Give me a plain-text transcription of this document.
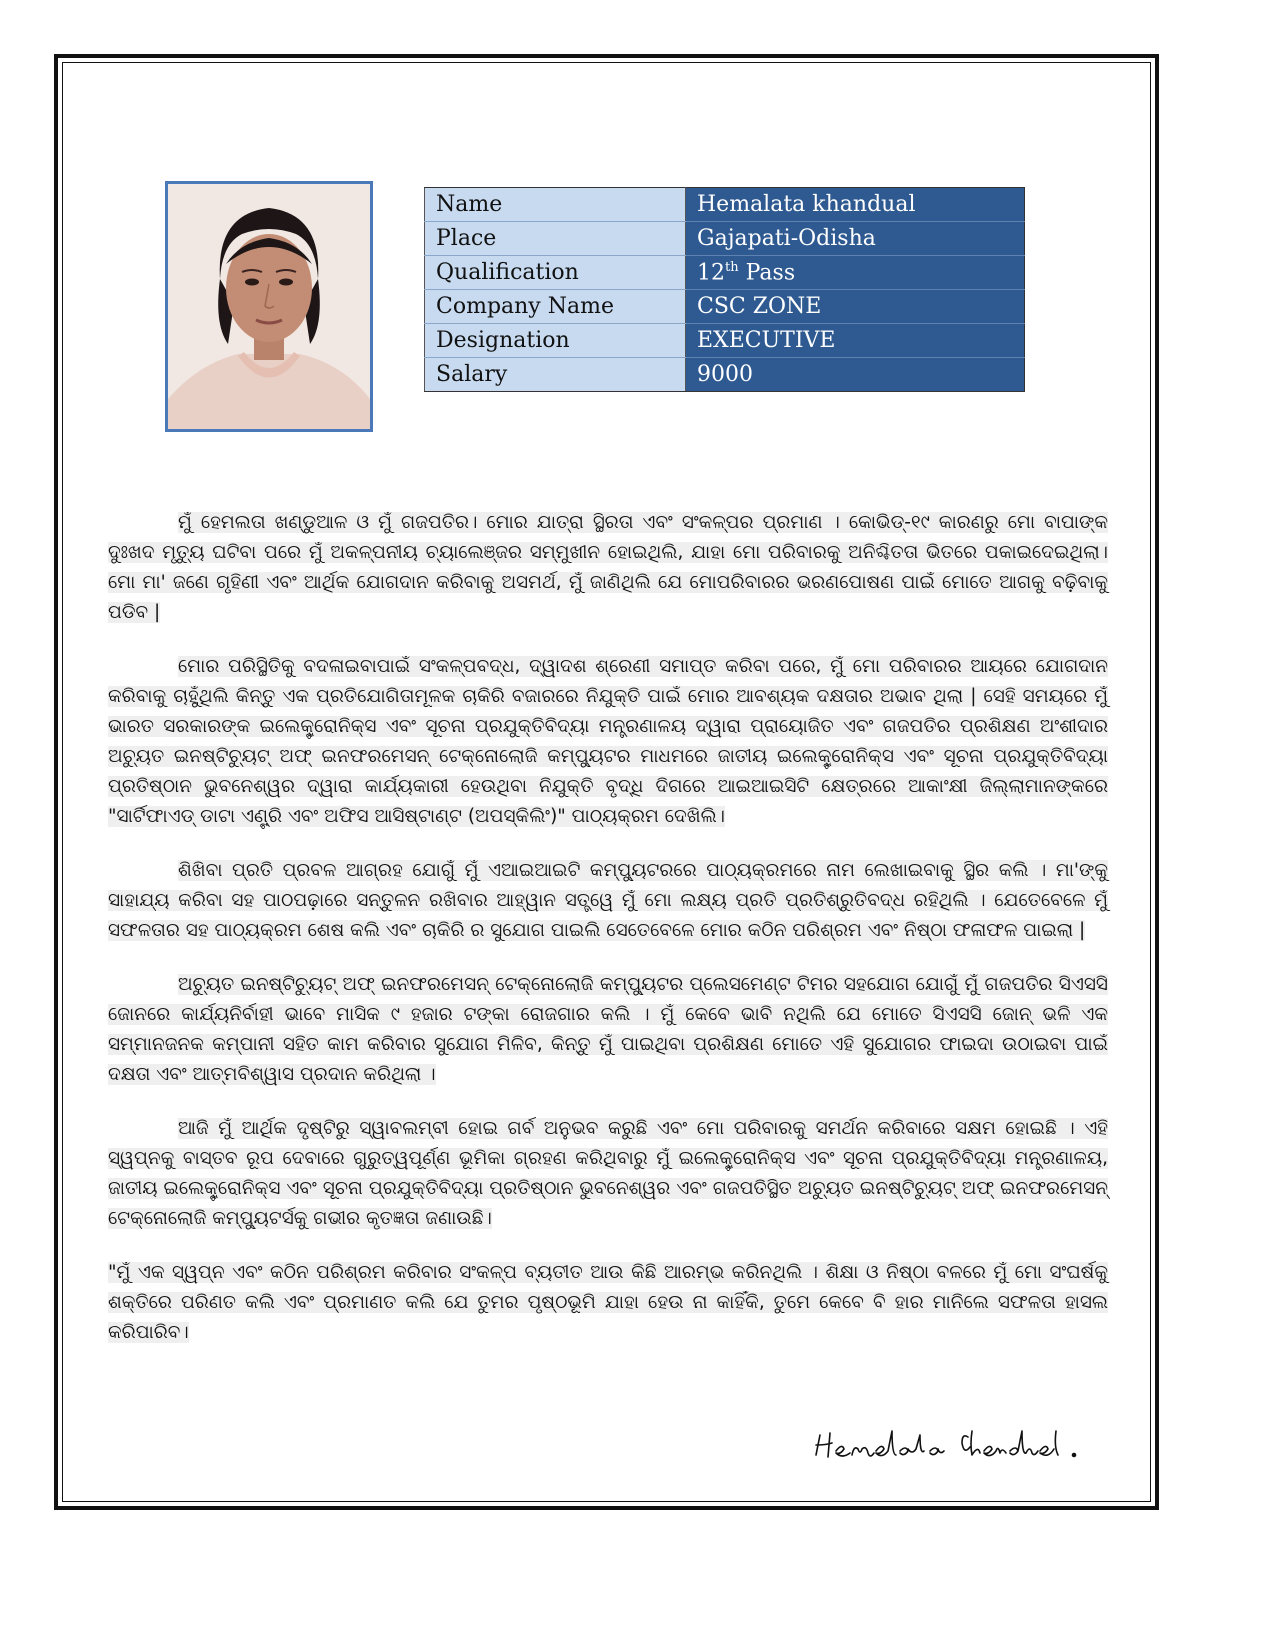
Name	Hemalata khandual
Place	Gajapati-Odisha
Qualification	12th Pass
Company Name	CSC ZONE
Designation	EXECUTIVE
Salary	9000

ମୁଁ ହେମଲତା ଖଣ୍ଡୁଆଳ ଓ ମୁଁ ଗଜପତିର। ମୋର ଯାତ୍ରା ସ୍ଥିରତା ଏବଂ ସଂକଳ୍ପର ପ୍ରମାଣ । କୋଭିଡ୍-୧୯ କାରଣରୁ ମୋ ବାପାଙ୍କ ଦୁଃଖଦ ମୃତ୍ୟୁ ଘଟିବା ପରେ ମୁଁ ଅକଳ୍ପନୀୟ ଚ୍ୟାଲେଞ୍ଜର ସମ୍ମୁଖୀନ ହୋଇଥିଲି, ଯାହା ମୋ ପରିବାରକୁ ଅନିଶ୍ଚିତତା ଭିତରେ ପକାଇଦେଇଥିଲା। ମୋ ମା' ଜଣେ ଗୃହିଣୀ ଏବଂ ଆର୍ଥିକ ଯୋଗଦାନ କରିବାକୁ ଅସମର୍ଥ, ମୁଁ ଜାଣିଥିଲି ଯେ ମୋପରିବାରର ଭରଣପୋଷଣ ପାଇଁ ମୋତେ ଆଗକୁ ବଢ଼ିବାକୁ ପଡିବ |

ମୋର ପରିସ୍ଥିତିକୁ ବଦଳାଇବାପାଇଁ ସଂକଳ୍ପବଦ୍ଧ, ଦ୍ୱାଦଶ ଶ୍ରେଣୀ ସମାପ୍ତ କରିବା ପରେ, ମୁଁ ମୋ ପରିବାରର ଆୟରେ ଯୋଗଦାନ କରିବାକୁ ଚାହୁଁଥିଲି କିନ୍ତୁ ଏକ ପ୍ରତିଯୋଗିତାମୂଳକ ଚାକିରି ବଜାରରେ ନିଯୁକ୍ତି ପାଇଁ ମୋର ଆବଶ୍ୟକ ଦକ୍ଷତାର ଅଭାବ ଥିଲା | ସେହି ସମୟରେ ମୁଁ ଭାରତ ସରକାରଙ୍କ ଇଲେକ୍ଟ୍ରୋନିକ୍ସ ଏବଂ ସୂଚନା ପ୍ରଯୁକ୍ତିବିଦ୍ୟା ମନ୍ତ୍ରଣାଳୟ ଦ୍ୱାରା ପ୍ରାୟୋଜିତ ଏବଂ ଗଜପତିର ପ୍ରଶିକ୍ଷଣ ଅଂଶୀଦାର ଅଚ୍ୟୁତ ଇନଷ୍ଟିଚ୍ୟୁଟ୍ ଅଫ୍ ଇନଫରମେସନ୍ ଟେକ୍ନୋଲୋଜି କମ୍ପ୍ୟୁଟର ମାଧମରେ ଜାତୀୟ ଇଲେକ୍ଟ୍ରୋନିକ୍ସ ଏବଂ ସୂଚନା ପ୍ରଯୁକ୍ତିବିଦ୍ୟା ପ୍ରତିଷ୍ଠାନ ଭୁବନେଶ୍ୱର ଦ୍ୱାରା କାର୍ଯ୍ୟକାରୀ ହେଉଥିବା ନିଯୁକ୍ତି ବୃଦ୍ଧି ଦିଗରେ ଆଇଆଇସିଟି କ୍ଷେତ୍ରରେ ଆକାଂକ୍ଷୀ ଜିଲ୍ଲାମାନଙ୍କରେ "ସାର୍ଟିଫାଏଡ୍ ଡାଟା ଏଣ୍ଟ୍ରି ଏବଂ ଅଫିସ ଆସିଷ୍ଟାଣ୍ଟ (ଅପସ୍କିଲିଂ)" ପାଠ୍ୟକ୍ରମ ଦେଖିଲି।

ଶିଖିବା ପ୍ରତି ପ୍ରବଳ ଆଗ୍ରହ ଯୋଗୁଁ ମୁଁ ଏଆଇଆଇଟି କମ୍ପ୍ୟୁଟରରେ ପାଠ୍ୟକ୍ରମରେ ନାମ ଲେଖାଇବାକୁ ସ୍ଥିର କଲି । ମା'ଙ୍କୁ ସାହାଯ୍ୟ କରିବା ସହ ପାଠପଢ଼ାରେ ସନ୍ତୁଳନ ରଖିବାର ଆହ୍ୱାନ ସତ୍ତ୍ୱେ ମୁଁ ମୋ ଲକ୍ଷ୍ୟ ପ୍ରତି ପ୍ରତିଶ୍ରୁତିବଦ୍ଧ ରହିଥିଲି । ଯେତେବେଳେ ମୁଁ ସଫଳତାର ସହ ପାଠ୍ୟକ୍ରମ ଶେଷ କଲି ଏବଂ ଚାକିରି ର ସୁଯୋଗ ପାଇଲି ସେତେବେଳେ ମୋର କଠିନ ପରିଶ୍ରମ ଏବଂ ନିଷ୍ଠା ଫଳାଫଳ ପାଇଲା |

ଅଚ୍ୟୁତ ଇନଷ୍ଟିଚ୍ୟୁଟ୍ ଅଫ୍ ଇନଫରମେସନ୍ ଟେକ୍ନୋଲୋଜି କମ୍ପ୍ୟୁଟର ପ୍ଲେସମେଣ୍ଟ ଟିମର ସହଯୋଗ ଯୋଗୁଁ ମୁଁ ଗଜପତିର ସିଏସସି ଜୋନରେ କାର୍ଯ୍ୟନିର୍ବାହୀ ଭାବେ ମାସିକ ୯ ହଜାର ଟଙ୍କା ରୋଜଗାର କଲି । ମୁଁ କେବେ ଭାବି ନଥିଲି ଯେ ମୋତେ ସିଏସସି ଜୋନ୍ ଭଳି ଏକ ସମ୍ମାନଜନକ କମ୍ପାନୀ ସହିତ କାମ କରିବାର ସୁଯୋଗ ମିଳିବ, କିନ୍ତୁ ମୁଁ ପାଇଥିବା ପ୍ରଶିକ୍ଷଣ ମୋତେ ଏହି ସୁଯୋଗର ଫାଇଦା ଉଠାଇବା ପାଇଁ ଦକ୍ଷତା ଏବଂ ଆତ୍ମବିଶ୍ୱାସ ପ୍ରଦାନ କରିଥିଲା ।

ଆଜି ମୁଁ ଆର୍ଥିକ ଦୃଷ୍ଟିରୁ ସ୍ୱାବଲମ୍ବୀ ହୋଇ ଗର୍ବ ଅନୁଭବ କରୁଛି ଏବଂ ମୋ ପରିବାରକୁ ସମର୍ଥନ କରିବାରେ ସକ୍ଷମ ହୋଇଛି । ଏହି ସ୍ୱପ୍ନକୁ ବାସ୍ତବ ରୂପ ଦେବାରେ ଗୁରୁତ୍ୱପୂର୍ଣ୍ଣ ଭୂମିକା ଗ୍ରହଣ କରିଥିବାରୁ ମୁଁ ଇଲେକ୍ଟ୍ରୋନିକ୍ସ ଏବଂ ସୂଚନା ପ୍ରଯୁକ୍ତିବିଦ୍ୟା ମନ୍ତ୍ରଣାଳୟ, ଜାତୀୟ ଇଲେକ୍ଟ୍ରୋନିକ୍ସ ଏବଂ ସୂଚନା ପ୍ରଯୁକ୍ତିବିଦ୍ୟା ପ୍ରତିଷ୍ଠାନ ଭୁବନେଶ୍ୱର ଏବଂ ଗଜପତିସ୍ଥିତ ଅଚ୍ୟୁତ ଇନଷ୍ଟିଚ୍ୟୁଟ୍ ଅଫ୍ ଇନଫରମେସନ୍ ଟେକ୍ନୋଲୋଜି କମ୍ପ୍ୟୁଟର୍ସକୁ ଗଭୀର କୃତଜ୍ଞତା ଜଣାଉଛି।

"ମୁଁ ଏକ ସ୍ୱପ୍ନ ଏବଂ କଠିନ ପରିଶ୍ରମ କରିବାର ସଂକଳ୍ପ ବ୍ୟତୀତ ଆଉ କିଛି ଆରମ୍ଭ କରିନଥିଲି । ଶିକ୍ଷା ଓ ନିଷ୍ଠା ବଳରେ ମୁଁ ମୋ ସଂଘର୍ଷକୁ ଶକ୍ତିରେ ପରିଣତ କଲି ଏବଂ ପ୍ରମାଣତ କଲି ଯେ ତୁମର ପୃଷ୍ଠଭୂମି ଯାହା ହେଉ ନା କାହିଁକି, ତୁମେ କେବେ ବି ହାର ମାନିଲେ ସଫଳତା ହାସଲ କରିପାରିବ।
